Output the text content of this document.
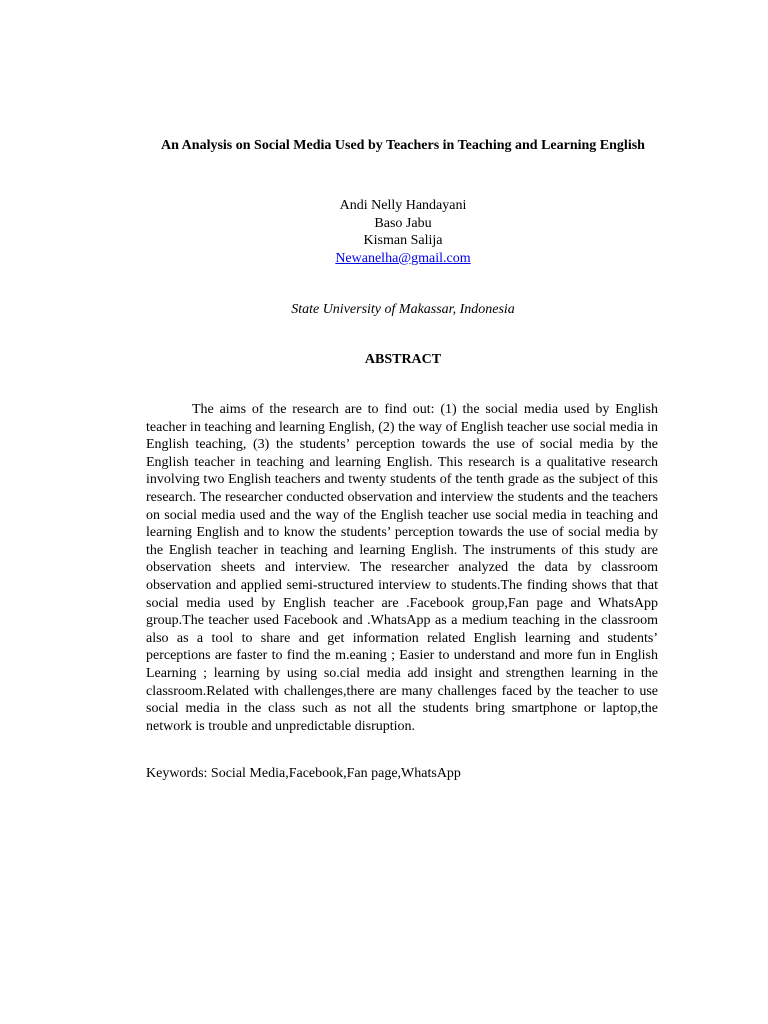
An Analysis on Social Media Used by Teachers in Teaching and Learning English
Andi Nelly Handayani
Baso Jabu
Kisman Salija
Newanelha@gmail.com
State University of Makassar, Indonesia
ABSTRACT

The aims of the research are to find out: (1) the social media used by English teacher in teaching and learning English, (2) the way of English teacher use social media in English teaching, (3) the students’ perception towards the use of social media by the English teacher in teaching and learning English. This research is a qualitative research involving two English teachers and twenty students of the tenth grade as the subject of this research. The researcher conducted observation and interview the students and the teachers on social media used and the way of the English teacher use social media in teaching and learning English and to know the students’ perception towards the use of social media by the English teacher in teaching and learning English. The instruments of this study are observation sheets and interview. The researcher analyzed the data by classroom observation and applied semi-structured interview to students.The finding shows that that social media used by English teacher are .Facebook group,Fan page and WhatsApp group.The teacher used Facebook and .WhatsApp as a medium teaching in the classroom also as a tool to share and get information related English learning and students’ perceptions are faster to find the m.eaning ; Easier to understand and more fun in English Learning ; learning by using so.cial media add insight and strengthen learning in the classroom.Related with challenges,there are many challenges faced by the teacher to use social media in the class such as not all the students bring smartphone or laptop,the network is trouble and unpredictable disruption.

Keywords: Social Media,Facebook,Fan page,WhatsApp
